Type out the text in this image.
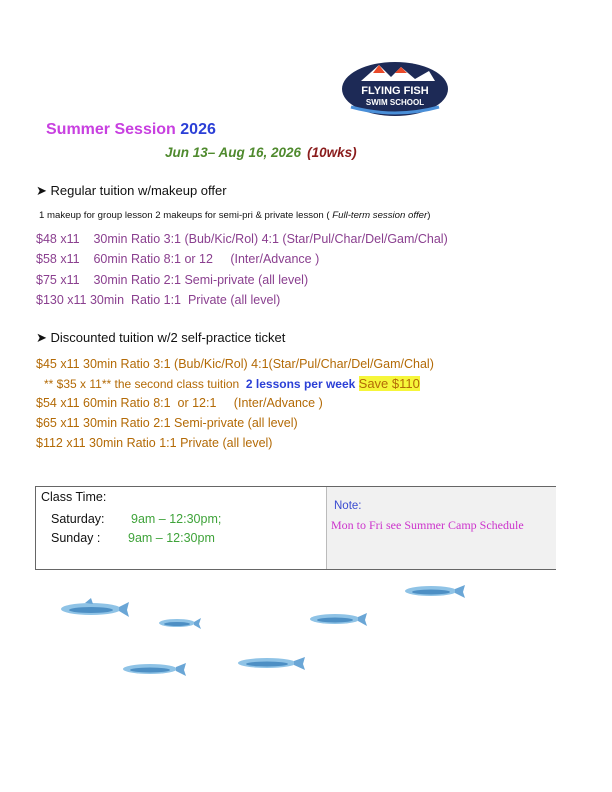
FLYING FISH
SWIM SCHOOL
Summer Session 2026
Jun 13– Aug 16, 2026 (10wks)
➤ Regular tuition w/makeup offer
1 makeup for group lesson 2 makeups for semi-pri & private lesson ( Full-term session offer)
$48 x11    30min Ratio 3:1 (Bub/Kic/Rol) 4:1 (Star/Pul/Char/Del/Gam/Chal)
$58 x11    60min Ratio 8:1 or 12     (Inter/Advance )
$75 x11    30min Ratio 2:1 Semi-private (all level)
$130 x11 30min  Ratio 1:1  Private (all level)
➤ Discounted tuition w/2 self-practice ticket
$45 x11 30min Ratio 3:1 (Bub/Kic/Rol) 4:1(Star/Pul/Char/Del/Gam/Chal)
** $35 x 11** the second class tuition  2 lessons per week Save $110
$54 x11 60min Ratio 8:1  or 12:1     (Inter/Advance )
$65 x11 30min Ratio 2:1 Semi-private (all level)
$112 x11 30min Ratio 1:1 Private (all level)
Class Time:
Saturday: 9am – 12:30pm;
Sunday : 9am – 12:30pm
Note:
Mon to Fri see Summer Camp Schedule
